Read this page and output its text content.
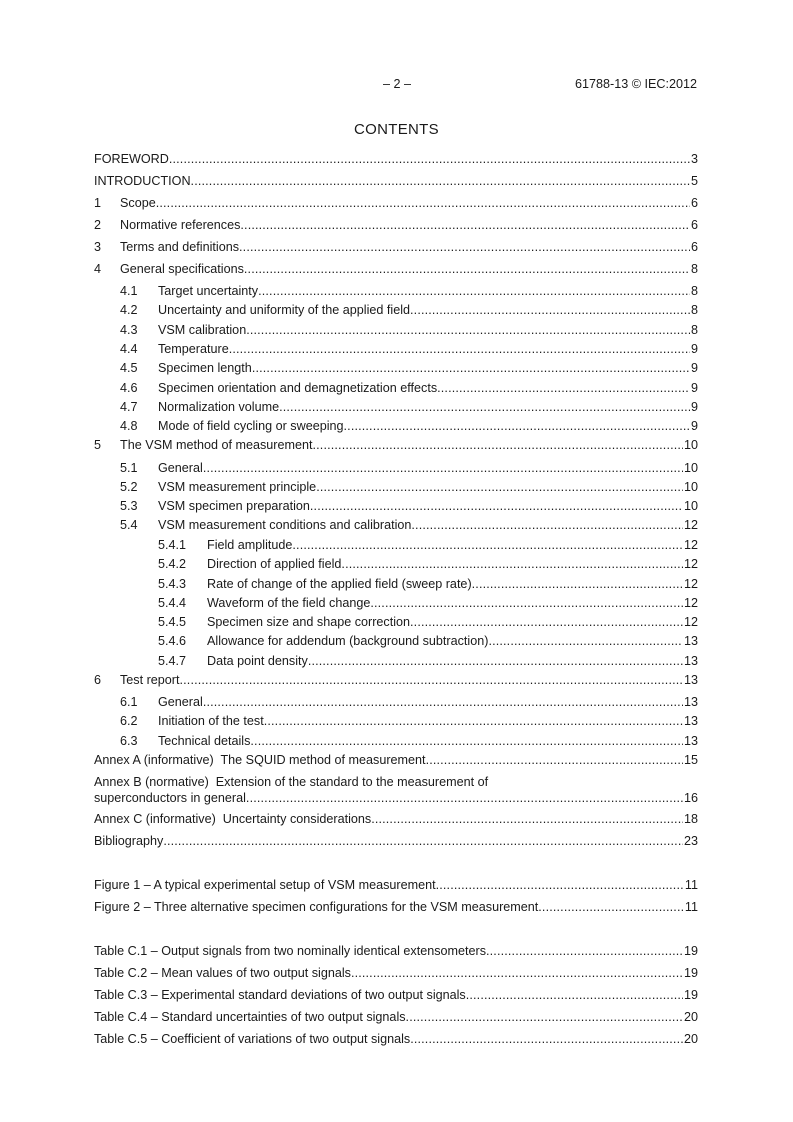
– 2 –	61788-13 © IEC:2012
CONTENTS
FOREWORD .....	3
INTRODUCTION .....	5
1	Scope .....	6
2	Normative references .....	6
3	Terms and definitions .....	6
4	General specifications .....	8
4.1	Target uncertainty .....	8
4.2	Uncertainty and uniformity of the applied field .....	8
4.3	VSM calibration .....	8
4.4	Temperature .....	9
4.5	Specimen length .....	9
4.6	Specimen orientation and demagnetization effects .....	9
4.7	Normalization volume .....	9
4.8	Mode of field cycling or sweeping .....	9
5	The VSM method of measurement .....	10
5.1	General .....	10
5.2	VSM measurement principle .....	10
5.3	VSM specimen preparation .....	10
5.4	VSM measurement conditions and calibration .....	12
5.4.1	Field amplitude .....	12
5.4.2	Direction of applied field .....	12
5.4.3	Rate of change of the applied field (sweep rate) .....	12
5.4.4	Waveform of the field change .....	12
5.4.5	Specimen size and shape correction .....	12
5.4.6	Allowance for addendum (background subtraction) .....	13
5.4.7	Data point density .....	13
6	Test report .....	13
6.1	General .....	13
6.2	Initiation of the test .....	13
6.3	Technical details .....	13
Annex A (informative)  The SQUID method of measurement .....	15
Annex B (normative)  Extension of the standard to the measurement of
superconductors in general .....	16
Annex C (informative)  Uncertainty considerations .....	18
Bibliography .....	23
Figure 1 – A typical experimental setup of VSM measurement .....	11
Figure 2 – Three alternative specimen configurations for the VSM measurement .....	11
Table C.1 – Output signals from two nominally identical extensometers .....	19
Table C.2 – Mean values of two output signals .....	19
Table C.3 – Experimental standard deviations of two output signals .....	19
Table C.4 – Standard uncertainties of two output signals .....	20
Table C.5 – Coefficient of variations of two output signals .....	20
